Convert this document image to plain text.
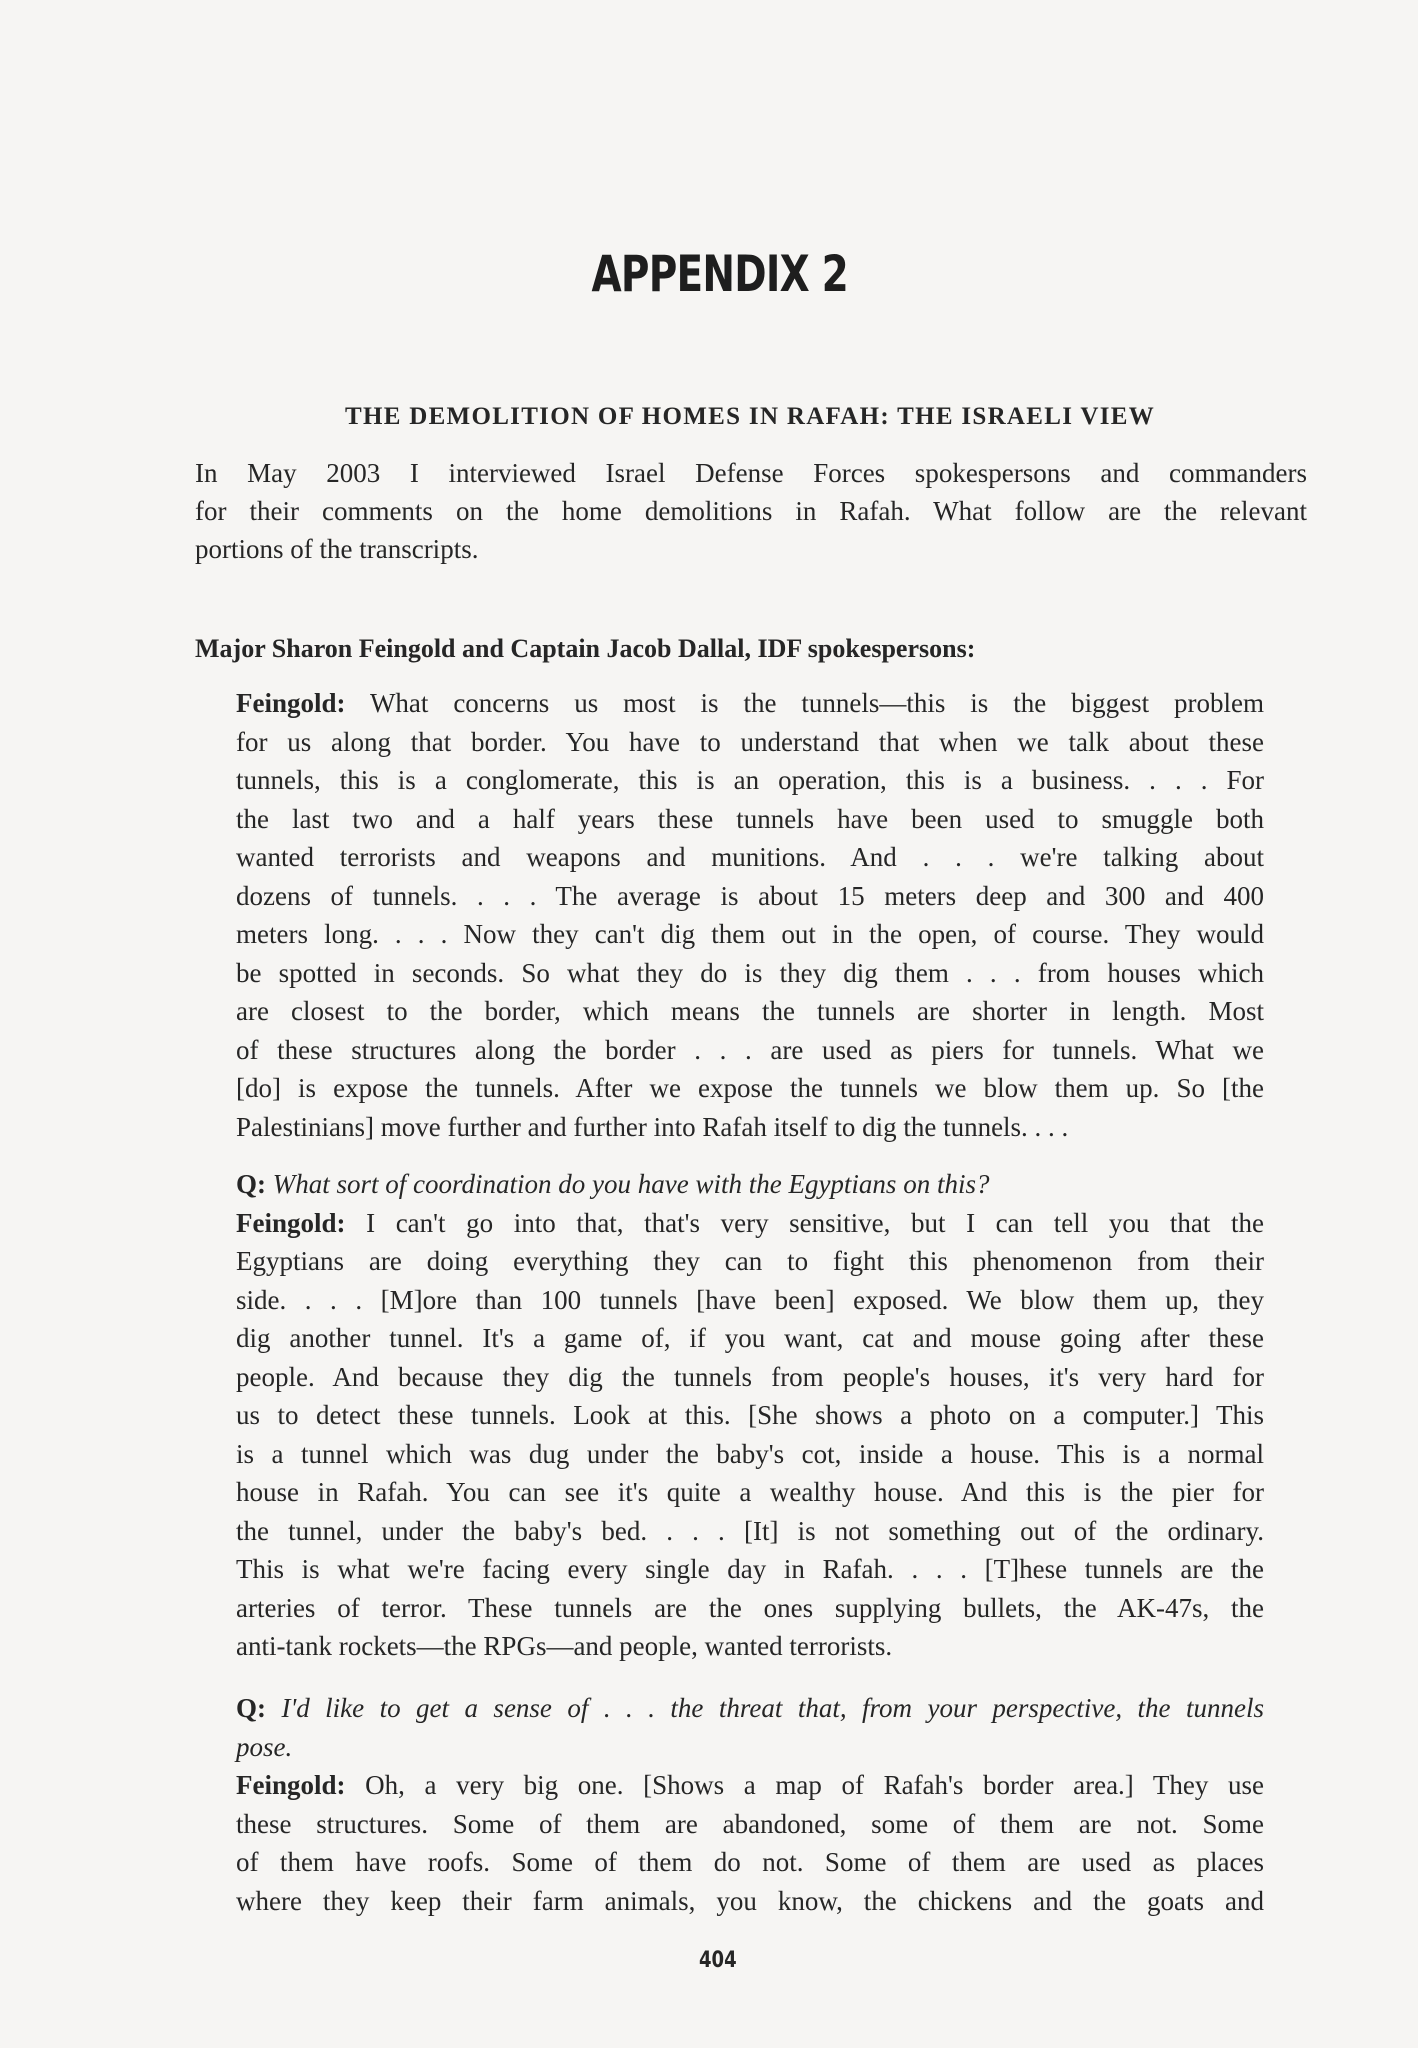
APPENDIX 2
THE DEMOLITION OF HOMES IN RAFAH: THE ISRAELI VIEW
In May 2003 I interviewed Israel Defense Forces spokespersons and commanders
for their comments on the home demolitions in Rafah. What follow are the relevant
portions of the transcripts.
Major Sharon Feingold and Captain Jacob Dallal, IDF spokespersons:
Feingold: What concerns us most is the tunnels—this is the biggest problem
for us along that border. You have to understand that when we talk about these
tunnels, this is a conglomerate, this is an operation, this is a business. . . . For
the last two and a half years these tunnels have been used to smuggle both
wanted terrorists and weapons and munitions. And . . . we're talking about
dozens of tunnels. . . . The average is about 15 meters deep and 300 and 400
meters long. . . . Now they can't dig them out in the open, of course. They would
be spotted in seconds. So what they do is they dig them . . . from houses which
are closest to the border, which means the tunnels are shorter in length. Most
of these structures along the border . . . are used as piers for tunnels. What we
[do] is expose the tunnels. After we expose the tunnels we blow them up. So [the
Palestinians] move further and further into Rafah itself to dig the tunnels. . . .
Q: What sort of coordination do you have with the Egyptians on this?
Feingold: I can't go into that, that's very sensitive, but I can tell you that the
Egyptians are doing everything they can to fight this phenomenon from their
side. . . . [M]ore than 100 tunnels [have been] exposed. We blow them up, they
dig another tunnel. It's a game of, if you want, cat and mouse going after these
people. And because they dig the tunnels from people's houses, it's very hard for
us to detect these tunnels. Look at this. [She shows a photo on a computer.] This
is a tunnel which was dug under the baby's cot, inside a house. This is a normal
house in Rafah. You can see it's quite a wealthy house. And this is the pier for
the tunnel, under the baby's bed. . . . [It] is not something out of the ordinary.
This is what we're facing every single day in Rafah. . . . [T]hese tunnels are the
arteries of terror. These tunnels are the ones supplying bullets, the AK-47s, the
anti-tank rockets—the RPGs—and people, wanted terrorists.
Q: I'd like to get a sense of . . . the threat that, from your perspective, the tunnels
pose.
Feingold: Oh, a very big one. [Shows a map of Rafah's border area.] They use
these structures. Some of them are abandoned, some of them are not. Some
of them have roofs. Some of them do not. Some of them are used as places
where they keep their farm animals, you know, the chickens and the goats and
404
